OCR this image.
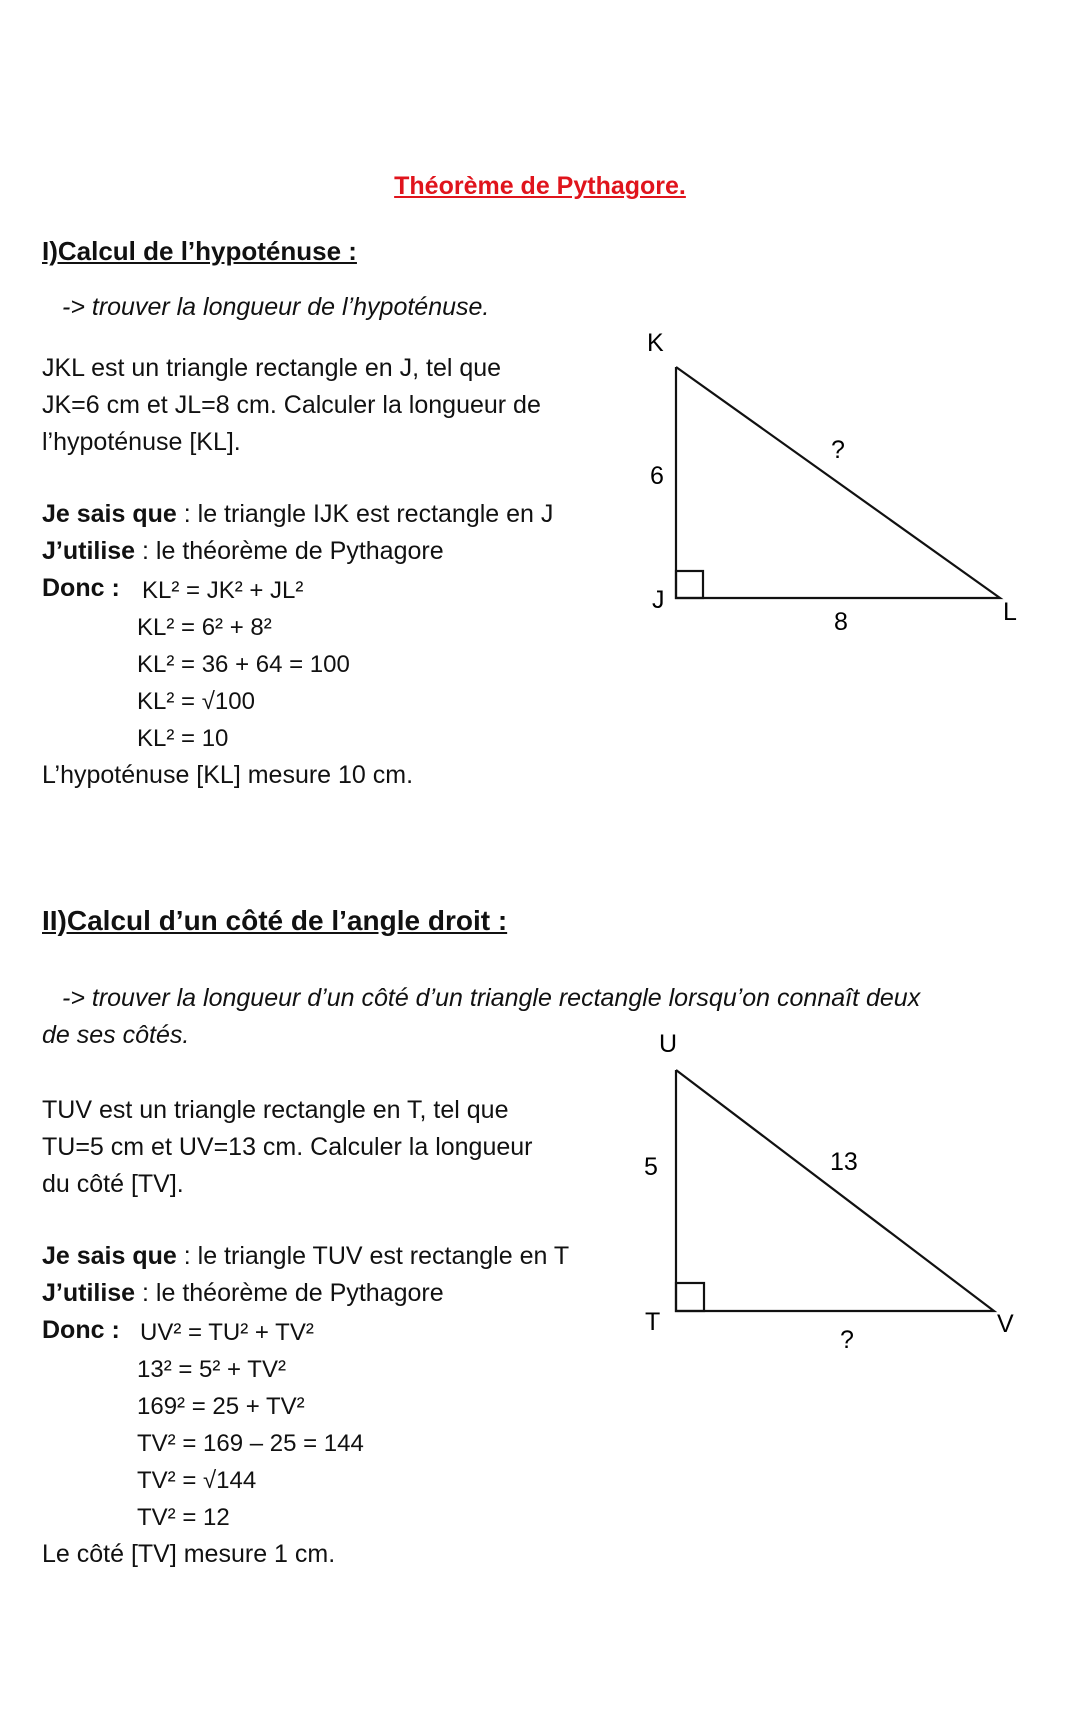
Théorème de Pythagore.
I)Calcul de l’hypoténuse :
-> trouver la longueur de l’hypoténuse.
JKL est un triangle rectangle en J, tel que
JK=6 cm et JL=8 cm. Calculer la longueur de
l’hypoténuse [KL].
Je sais que : le triangle IJK est rectangle en J
J’utilise : le théorème de Pythagore
Donc : KL² = JK² + JL²
KL² = 6² + 8²
KL² = 36 + 64 = 100
KL² = √100
KL² = 10
L’hypoténuse [KL] mesure 10 cm.
K
6
?
J
8	L
U
5	13
T
?
V
II)Calcul d’un côté de l’angle droit :
-> trouver la longueur d’un côté d’un triangle rectangle lorsqu’on connaît deux
de ses côtés.
TUV est un triangle rectangle en T, tel que
TU=5 cm et UV=13 cm. Calculer la longueur
du côté [TV].
Je sais que : le triangle TUV est rectangle en T
J’utilise : le théorème de Pythagore
Donc : UV² = TU² + TV²
13² = 5² + TV²
169² = 25 + TV²
TV² = 169 – 25 = 144
TV² = √144
TV² = 12
Le côté [TV] mesure 1 cm.
